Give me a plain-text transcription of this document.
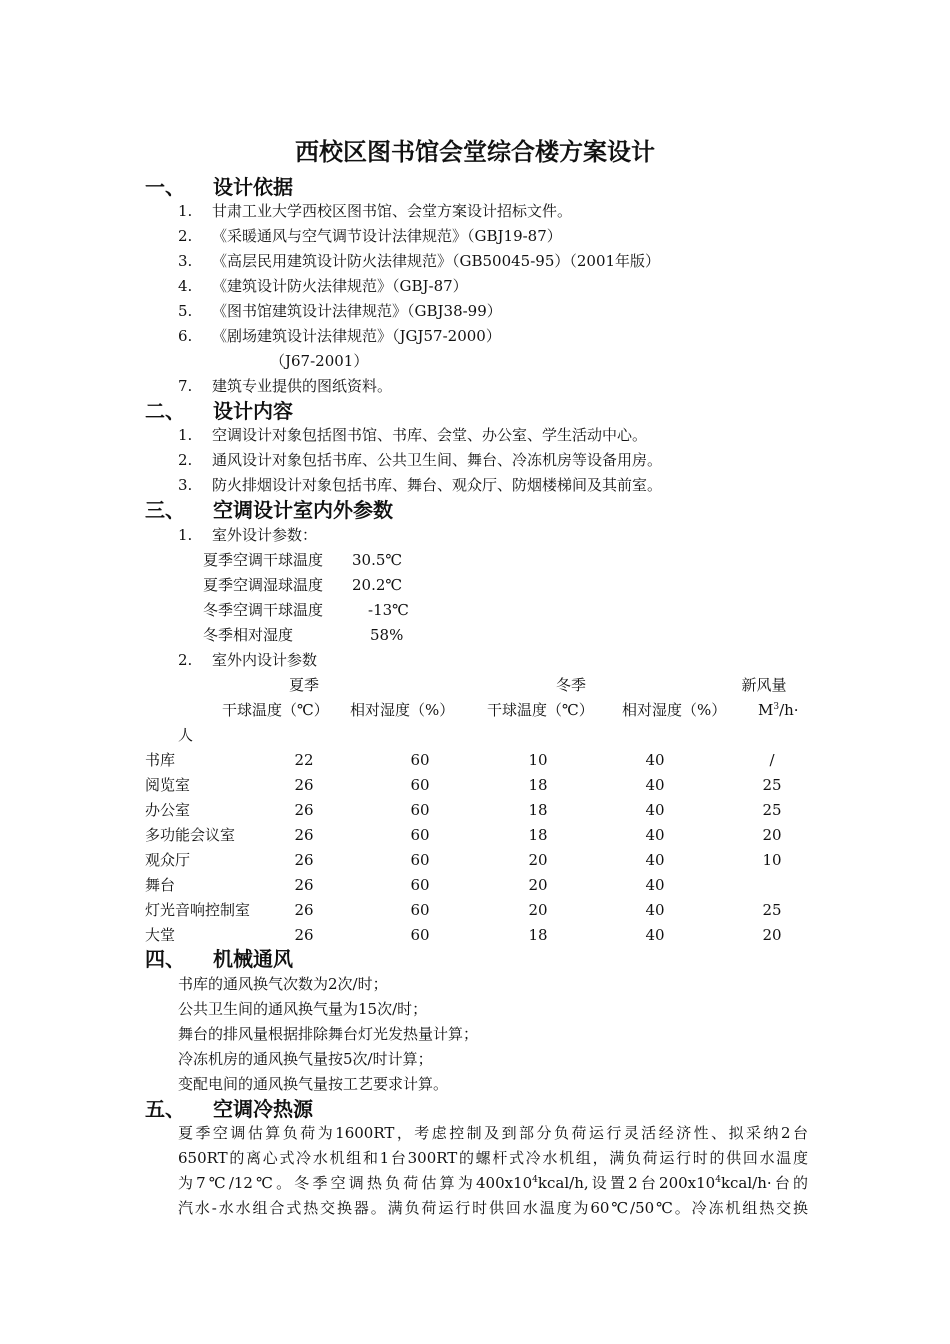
西校区图书馆会堂综合楼方案设计
一、 设计依据
1. 甘肃工业大学西校区图书馆、会堂方案设计招标文件。
2. 《采暖通风与空气调节设计法律规范》（GBJ19-87）
3. 《高层民用建筑设计防火法律规范》（GB50045-95）（2001年版）
4. 《建筑设计防火法律规范》（GBJ-87）
5. 《图书馆建筑设计法律规范》（GBJ38-99）
6. 《剧场建筑设计法律规范》（JGJ57-2000）
（J67-2001）
7. 建筑专业提供的图纸资料。
二、 设计内容
1. 空调设计对象包括图书馆、书库、会堂、办公室、学生活动中心。
2. 通风设计对象包括书库、公共卫生间、舞台、冷冻机房等设备用房。
3. 防火排烟设计对象包括书库、舞台、观众厅、防烟楼梯间及其前室。
三、 空调设计室内外参数
1. 室外设计参数：
夏季空调干球温度 30.5℃
夏季空调湿球温度 20.2℃
冬季空调干球温度	-13℃
冬季相对湿度	58%
2. 室外内设计参数
夏季	冬季	新风量
干球温度（℃） 相对湿度（%） 干球温度（℃） 相对湿度（%） $M^3/h\cdot$
人
书库	22	60	10	40	/
阅览室	26	60	18	40	25
办公室	26	60	18	40	25
多功能会议室	26	60	18	40	20
观众厅	26	60	20	40	10
舞台	26	60	20	40
灯光音响控制室	26	60	20	40	25
大堂	26	60	18	40	20
四、 机械通风
书库的通风换气次数为2次/时；
公共卫生间的通风换气量为15次/时；
舞台的排风量根据排除舞台灯光发热量计算；
冷冻机房的通风换气量按5次/时计算；
变配电间的通风换气量按工艺要求计算。
五、 空调冷热源
夏季空调估算负荷为1600RT，考虑控制及到部分负荷运行灵活经济性、拟采纳2台
650RT的离心式冷水机组和1台300RT的螺杆式冷水机组，满负荷运行时的供回水温度
为7℃/12℃。冬季空调热负荷估算为$400x10^4kcal/h$,设置2台$200x10^4kcal/h\cdot$台的
汽水-水水组合式热交换器。满负荷运行时供回水温度为60℃/50℃。冷冻机组热交换
